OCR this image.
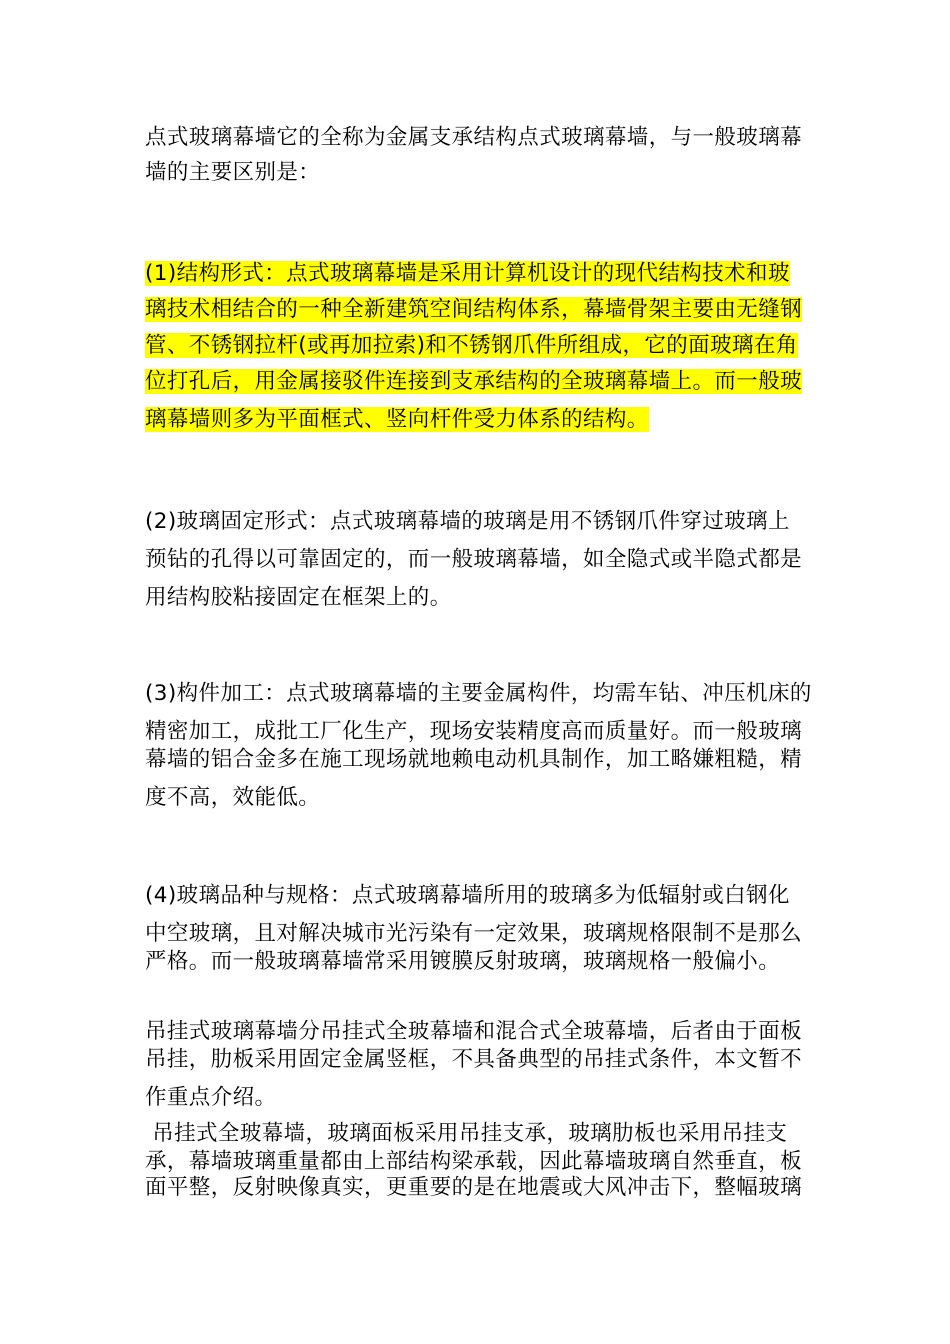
点式玻璃幕墙它的全称为金属支承结构点式玻璃幕墙，与一般玻璃幕
墙的主要区别是：
(1)结构形式：点式玻璃幕墙是采用计算机设计的现代结构技术和玻
璃技术相结合的一种全新建筑空间结构体系，幕墙骨架主要由无缝钢
管、不锈钢拉杆(或再加拉索)和不锈钢爪件所组成，它的面玻璃在角
位打孔后，用金属接驳件连接到支承结构的全玻璃幕墙上。而一般玻
璃幕墙则多为平面框式、竖向杆件受力体系的结构。
(2)玻璃固定形式：点式玻璃幕墙的玻璃是用不锈钢爪件穿过玻璃上
预钻的孔得以可靠固定的，而一般玻璃幕墙，如全隐式或半隐式都是
用结构胶粘接固定在框架上的。
(3)构件加工：点式玻璃幕墙的主要金属构件，均需车钻、冲压机床的
精密加工，成批工厂化生产，现场安装精度高而质量好。而一般玻璃
幕墙的铝合金多在施工现场就地赖电动机具制作，加工略嫌粗糙，精
度不高，效能低。
(4)玻璃品种与规格：点式玻璃幕墙所用的玻璃多为低辐射或白钢化
中空玻璃，且对解决城市光污染有一定效果，玻璃规格限制不是那么
严格。而一般玻璃幕墙常采用镀膜反射玻璃，玻璃规格一般偏小。
吊挂式玻璃幕墙分吊挂式全玻幕墙和混合式全玻幕墙，后者由于面板
吊挂，肋板采用固定金属竖框，不具备典型的吊挂式条件，本文暂不
作重点介绍。
吊挂式全玻幕墙，玻璃面板采用吊挂支承，玻璃肋板也采用吊挂支
承，幕墙玻璃重量都由上部结构梁承载，因此幕墙玻璃自然垂直，板
面平整，反射映像真实，更重要的是在地震或大风冲击下，整幅玻璃
